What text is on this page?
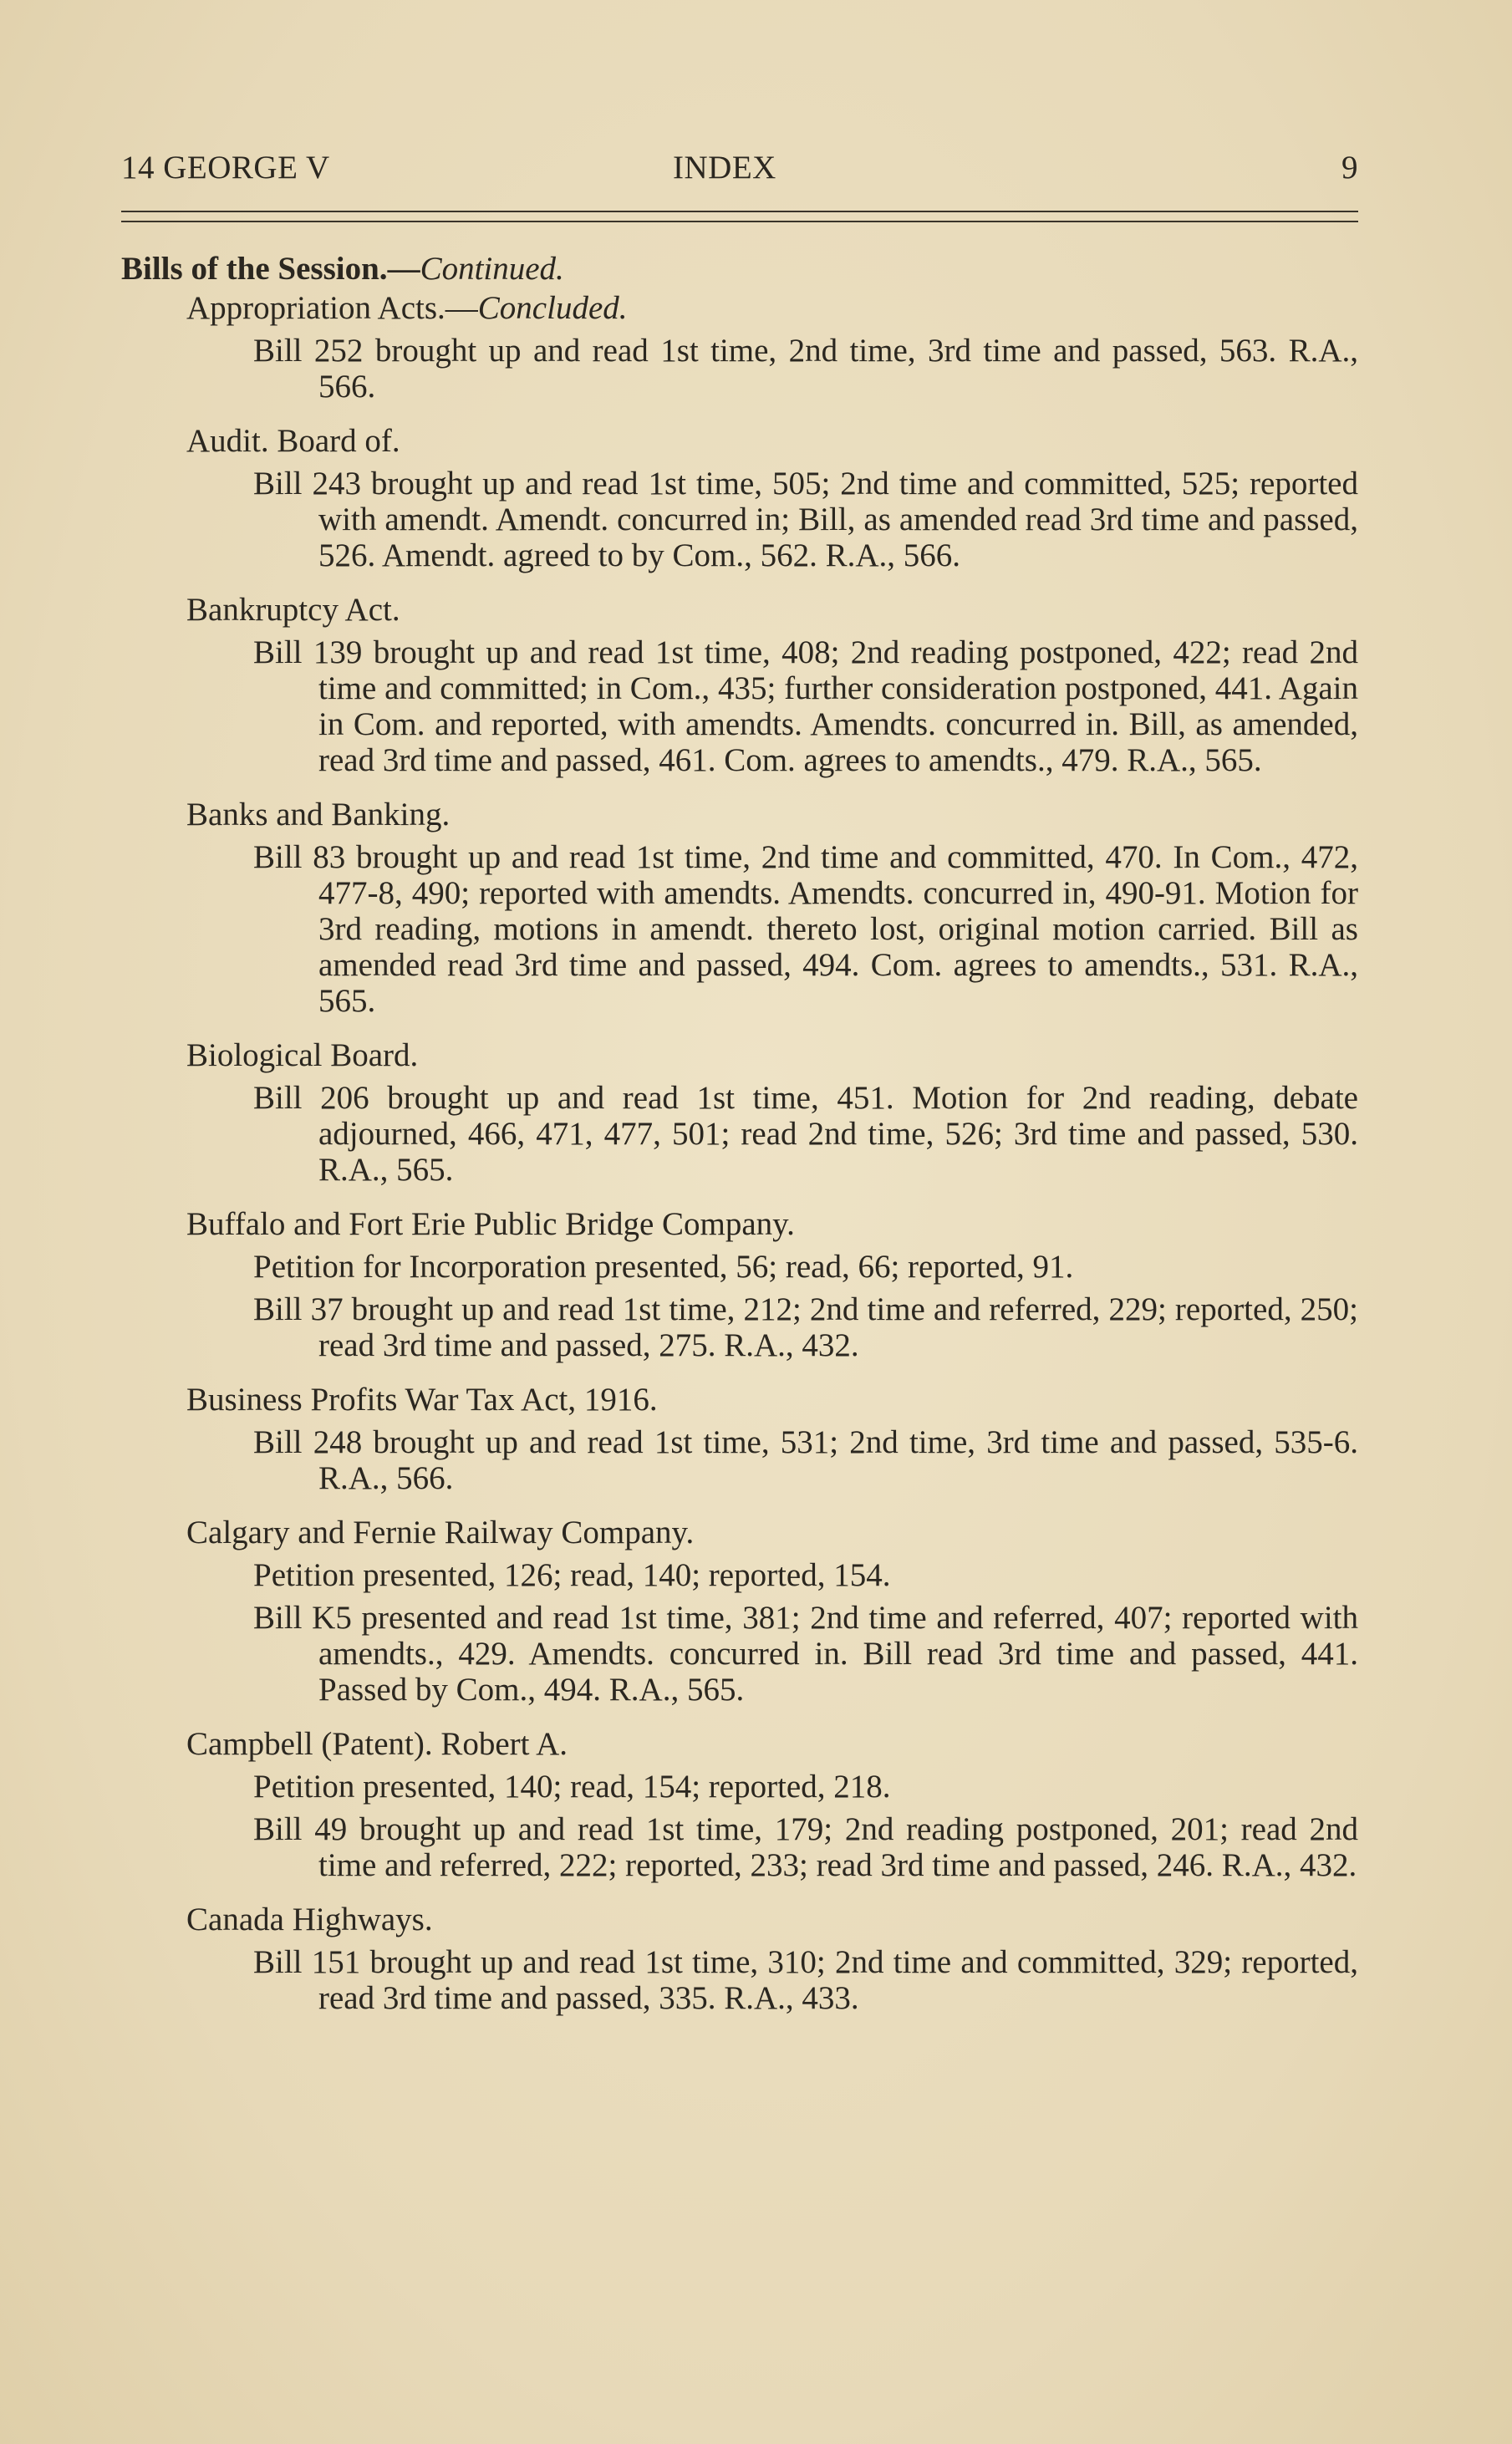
14 GEORGE V	INDEX	9
Bills of the Session.—Continued.
Appropriation Acts.—Concluded.
Bill 252 brought up and read 1st time, 2nd time, 3rd time and passed, 563. R.A., 566.
Audit. Board of.
Bill 243 brought up and read 1st time, 505; 2nd time and committed, 525; reported with amendt. Amendt. concurred in; Bill, as amended read 3rd time and passed, 526. Amendt. agreed to by Com., 562. R.A., 566.
Bankruptcy Act.
Bill 139 brought up and read 1st time, 408; 2nd reading postponed, 422; read 2nd time and committed; in Com., 435; further consideration postponed, 441. Again in Com. and reported, with amendts. Amendts. concurred in. Bill, as amended, read 3rd time and passed, 461. Com. agrees to amendts., 479. R.A., 565.
Banks and Banking.
Bill 83 brought up and read 1st time, 2nd time and committed, 470. In Com., 472, 477-8, 490; reported with amendts. Amendts. concurred in, 490-91. Motion for 3rd reading, motions in amendt. thereto lost, original motion carried. Bill as amended read 3rd time and passed, 494. Com. agrees to amendts., 531. R.A., 565.
Biological Board.
Bill 206 brought up and read 1st time, 451. Motion for 2nd reading, debate adjourned, 466, 471, 477, 501; read 2nd time, 526; 3rd time and passed, 530. R.A., 565.
Buffalo and Fort Erie Public Bridge Company.
Petition for Incorporation presented, 56; read, 66; reported, 91.
Bill 37 brought up and read 1st time, 212; 2nd time and referred, 229; reported, 250; read 3rd time and passed, 275. R.A., 432.
Business Profits War Tax Act, 1916.
Bill 248 brought up and read 1st time, 531; 2nd time, 3rd time and passed, 535-6. R.A., 566.
Calgary and Fernie Railway Company.
Petition presented, 126; read, 140; reported, 154.
Bill K5 presented and read 1st time, 381; 2nd time and referred, 407; reported with amendts., 429. Amendts. concurred in. Bill read 3rd time and passed, 441. Passed by Com., 494. R.A., 565.
Campbell (Patent). Robert A.
Petition presented, 140; read, 154; reported, 218.
Bill 49 brought up and read 1st time, 179; 2nd reading postponed, 201; read 2nd time and referred, 222; reported, 233; read 3rd time and passed, 246. R.A., 432.
Canada Highways.
Bill 151 brought up and read 1st time, 310; 2nd time and committed, 329; reported, read 3rd time and passed, 335. R.A., 433.
